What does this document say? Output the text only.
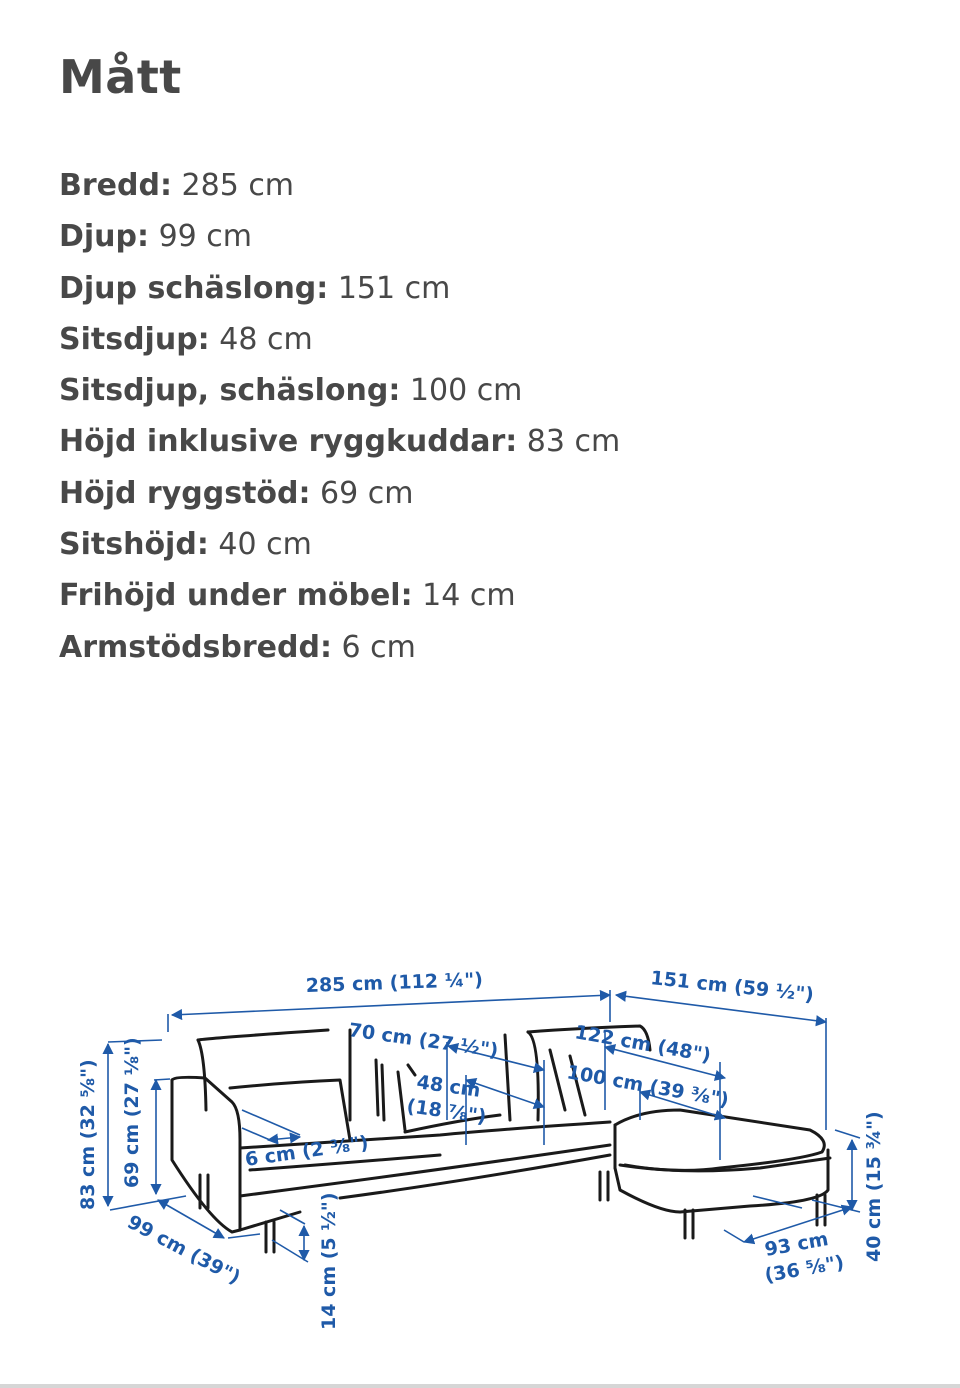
Mått
Bredd: 285 cm
Djup: 99 cm
Djup schäslong: 151 cm
Sitsdjup: 48 cm
Sitsdjup, schäslong: 100 cm
Höjd inklusive ryggkuddar: 83 cm
Höjd ryggstöd: 69 cm
Sitshöjd: 40 cm
Frihöjd under möbel: 14 cm
Armstödsbredd: 6 cm
285 cm (112 ¼")	151 cm (59 ½")
70 cm (27 ½")
48 cm
(18 ⅞")
122 cm (48")
100 cm (39 ⅜")
6 cm (2 ⅜")
83 cm (32 ⅝") 69 cm (27 ⅛")
99 cm (39")	14 cm (5 ½")	93 cm
(36 ⅝")
40 cm (15 ¾")
